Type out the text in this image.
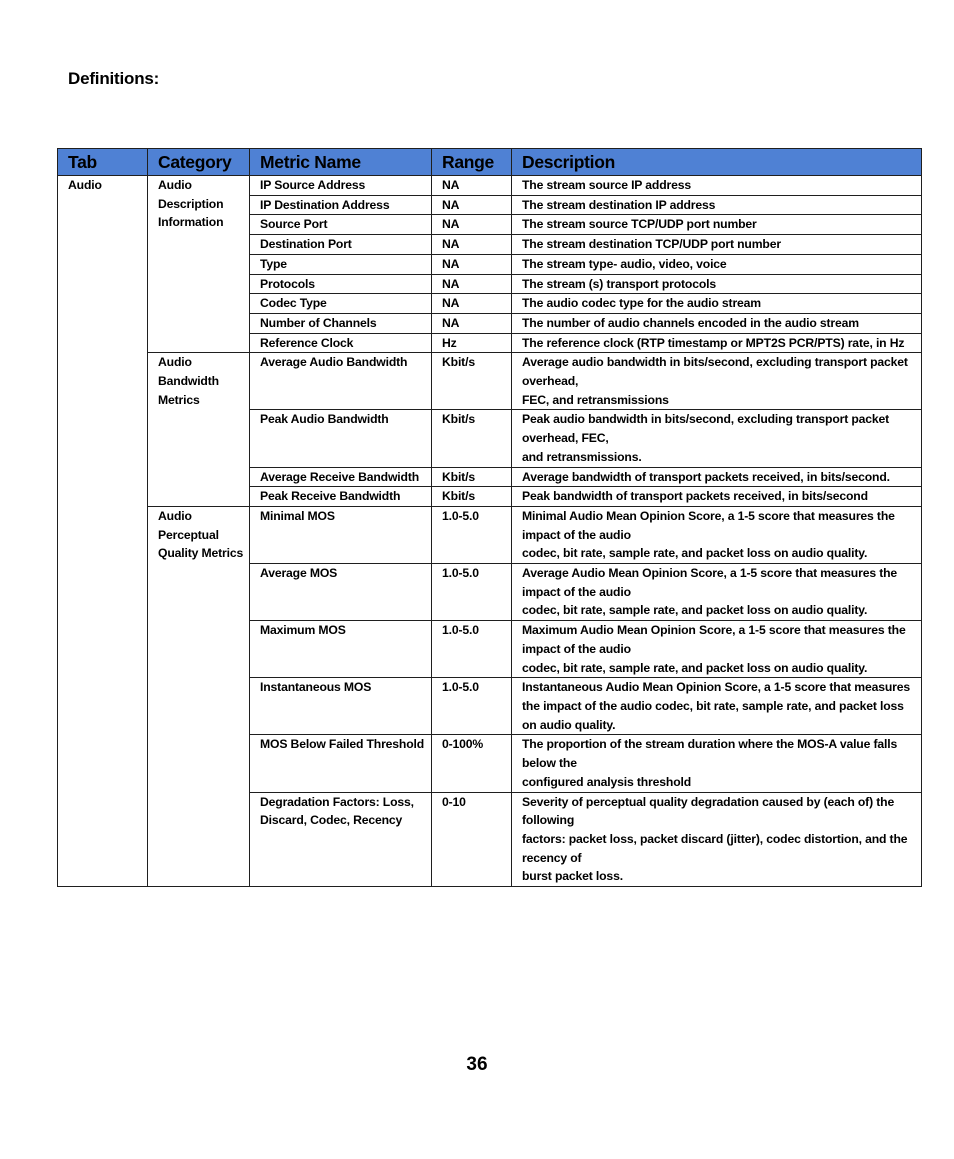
Definitions:
Tab	Category	Metric Name	Range	Description
Audio	Audio Description Information	IP Source Address	NA	The stream source IP address

		IP Destination Address	NA	The stream destination IP address

		Source Port	NA	The stream source TCP/UDP port number

		Destination Port	NA	The stream destination TCP/UDP port number

		Type	NA	The stream type- audio, video, voice

		Protocols	NA	The stream (s) transport protocols

		Codec Type	NA	The audio codec type for the audio stream

		Number of Channels	NA	The number of audio channels encoded in the audio stream

		Reference Clock	Hz	The reference clock (RTP timestamp or MPT2S PCR/PTS) rate, in Hz

	Audio Bandwidth Metrics	Average Audio Bandwidth	Kbit/s	Average audio bandwidth in bits/second, excluding transport packet overhead,
FEC, and retransmissions

		Peak Audio Bandwidth	Kbit/s	Peak audio bandwidth in bits/second, excluding transport packet overhead, FEC,
and retransmissions.

		Average Receive Bandwidth	Kbit/s	Average bandwidth of transport packets received, in bits/second.

		Peak Receive Bandwidth	Kbit/s	Peak bandwidth of transport packets received, in bits/second

	Audio Perceptual Quality Metrics	Minimal MOS	1.0-5.0	Minimal Audio Mean Opinion Score, a 1-5 score that measures the impact of the audio
codec, bit rate, sample rate, and packet loss on audio quality.

		Average MOS	1.0-5.0	Average Audio Mean Opinion Score, a 1-5 score that measures the impact of the audio
codec, bit rate, sample rate, and packet loss on audio quality.

		Maximum MOS	1.0-5.0	Maximum Audio Mean Opinion Score, a 1-5 score that measures the impact of the audio
codec, bit rate, sample rate, and packet loss on audio quality.

		Instantaneous MOS	1.0-5.0	Instantaneous Audio Mean Opinion Score, a 1-5 score that measures the impact of the audio codec, bit rate, sample rate, and packet loss on audio quality.

		MOS Below Failed Threshold	0-100%	The proportion of the stream duration where the MOS-A value falls below the
configured analysis threshold

		Degradation Factors: Loss, Discard, Codec, Recency	0-10	Severity of perceptual quality degradation caused by (each of) the following
factors: packet loss, packet discard (jitter), codec distortion, and the recency of
burst packet loss.
36
